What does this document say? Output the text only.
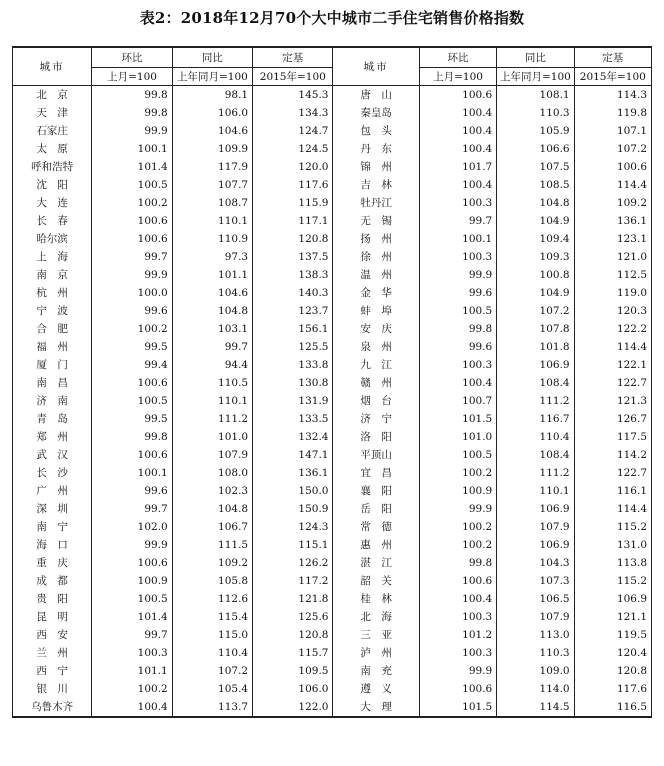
表2：2018年12月70个大中城市二手住宅销售价格指数
城市	环比	同比	定基	城市	环比	同比	定基
	上月=100	上年同月=100	2015年=100		上月=100	上年同月=100	2015年=100
北　京	99.8	98.1	145.3	唐　山	100.6	108.1	114.3
天　津	99.8	106.0	134.3	秦皇岛	100.4	110.3	119.8
石家庄	99.9	104.6	124.7	包　头	100.4	105.9	107.1
太　原	100.1	109.9	124.5	丹　东	100.4	106.6	107.2
呼和浩特	101.4	117.9	120.0	锦　州	101.7	107.5	100.6
沈　阳	100.5	107.7	117.6	吉　林	100.4	108.5	114.4
大　连	100.2	108.7	115.9	牡丹江	100.3	104.8	109.2
长　春	100.6	110.1	117.1	无　锡	99.7	104.9	136.1
哈尔滨	100.6	110.9	120.8	扬　州	100.1	109.4	123.1
上　海	99.7	97.3	137.5	徐　州	100.3	109.3	121.0
南　京	99.9	101.1	138.3	温　州	99.9	100.8	112.5
杭　州	100.0	104.6	140.3	金　华	99.6	104.9	119.0
宁　波	99.6	104.8	123.7	蚌　埠	100.5	107.2	120.3
合　肥	100.2	103.1	156.1	安　庆	99.8	107.8	122.2
福　州	99.5	99.7	125.5	泉　州	99.6	101.8	114.4
厦　门	99.4	94.4	133.8	九　江	100.3	106.9	122.1
南　昌	100.6	110.5	130.8	赣　州	100.4	108.4	122.7
济　南	100.5	110.1	131.9	烟　台	100.7	111.2	121.3
青　岛	99.5	111.2	133.5	济　宁	101.5	116.7	126.7
郑　州	99.8	101.0	132.4	洛　阳	101.0	110.4	117.5
武　汉	100.6	107.9	147.1	平顶山	100.5	108.4	114.2
长　沙	100.1	108.0	136.1	宜　昌	100.2	111.2	122.7
广　州	99.6	102.3	150.0	襄　阳	100.9	110.1	116.1
深　圳	99.7	104.8	150.9	岳　阳	99.9	106.9	114.4
南　宁	102.0	106.7	124.3	常　德	100.2	107.9	115.2
海　口	99.9	111.5	115.1	惠　州	100.2	106.9	131.0
重　庆	100.6	109.2	126.2	湛　江	99.8	104.3	113.8
成　都	100.9	105.8	117.2	韶　关	100.6	107.3	115.2
贵　阳	100.5	112.6	121.8	桂　林	100.4	106.5	106.9
昆　明	101.4	115.4	125.6	北　海	100.3	107.9	121.1
西　安	99.7	115.0	120.8	三　亚	101.2	113.0	119.5
兰　州	100.3	110.4	115.7	泸　州	100.3	110.3	120.4
西　宁	101.1	107.2	109.5	南　充	99.9	109.0	120.8
银　川	100.2	105.4	106.0	遵　义	100.6	114.0	117.6
乌鲁木齐	100.4	113.7	122.0	大　理	101.5	114.5	116.5
